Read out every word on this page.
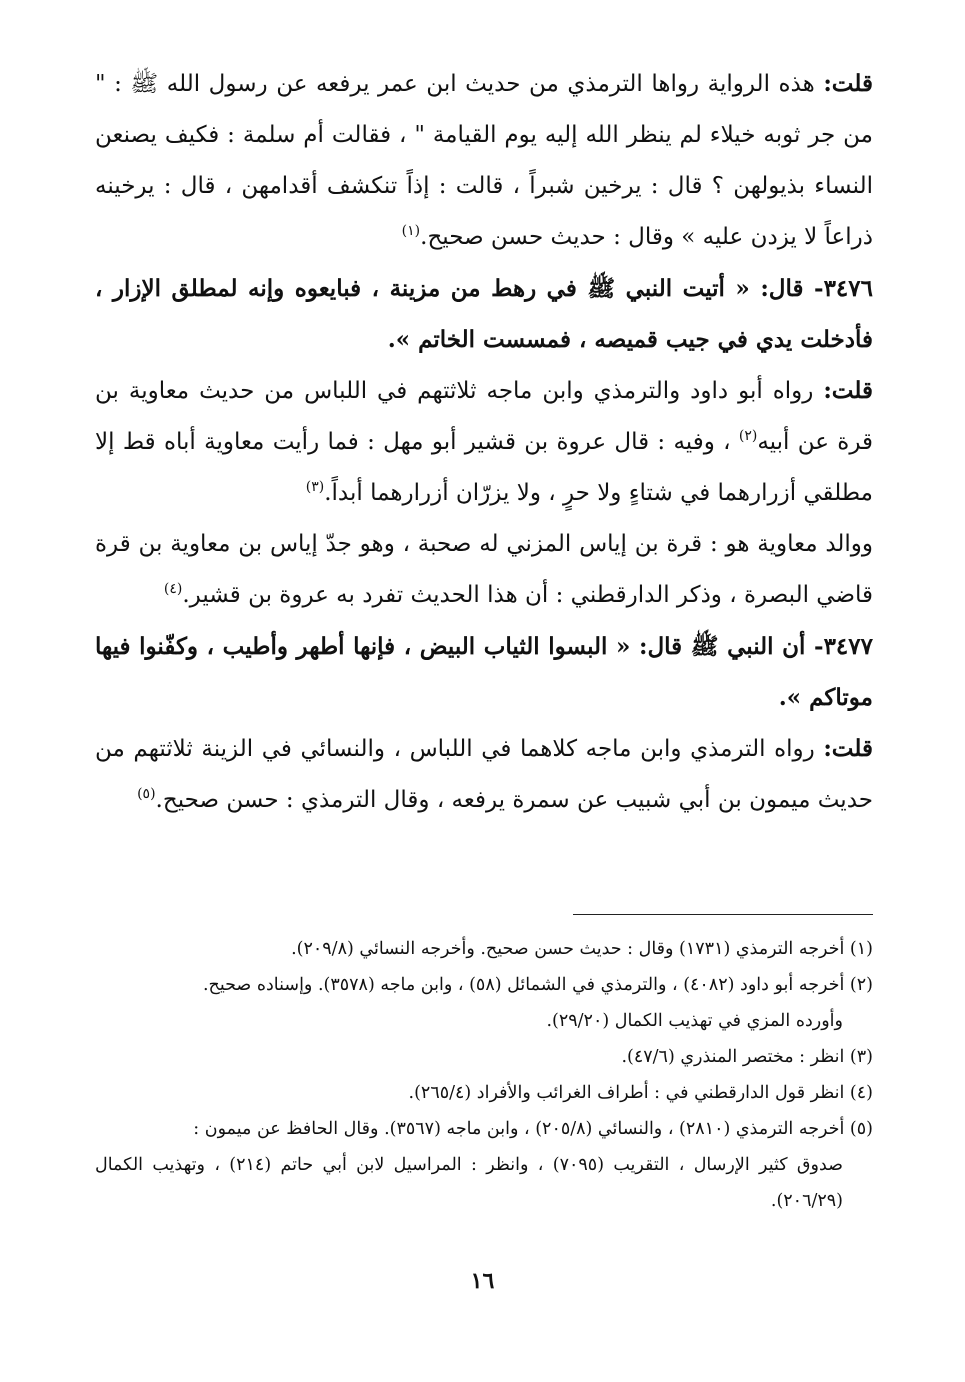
قلت: هذه الرواية رواها الترمذي من حديث ابن عمر يرفعه عن رسول الله ﷺ : " من جر ثوبه خيلاء لم ينظر الله إليه يوم القيامة " ، فقالت أم سلمة : فكيف يصنعن النساء بذيولهن ؟ قال : يرخين شبراً ، قالت : إذاً تنكشف أقدامهن ، قال : يرخينه ذراعاً لا يزدن عليه » وقال : حديث حسن صحيح.$^{(١)}$

٣٤٧٦- قال: « أتيت النبي ﷺ في رهط من مزينة ، فبايعوه وإنه لمطلق الإزار ، فأدخلت يدي في جيب قميصه ، فمسست الخاتم ».

قلت: رواه أبو داود والترمذي وابن ماجه ثلاثتهم في اللباس من حديث معاوية بن قرة عن أبيه$^{(٢)}$ ، وفيه : قال عروة بن قشير أبو مهل : فما رأيت معاوية أباه قط إلا مطلقي أزرارهما في شتاءٍ ولا حرٍ ، ولا يزرّان أزرارهما أبداً.$^{(٣)}$

ووالد معاوية هو : قرة بن إياس المزني له صحبة ، وهو جدّ إياس بن معاوية بن قرة قاضي البصرة ، وذكر الدارقطني : أن هذا الحديث تفرد به عروة بن قشير.$^{(٤)}$

٣٤٧٧- أن النبي ﷺ قال: « البسوا الثياب البيض ، فإنها أطهر وأطيب ، وكفّنوا فيها موتاكم ».

قلت: رواه الترمذي وابن ماجه كلاهما في اللباس ، والنسائي في الزينة ثلاثتهم من حديث ميمون بن أبي شبيب عن سمرة يرفعه ، وقال الترمذي : حسن صحيح.$^{(٥)}$

(١) أخرجه الترمذي (١٧٣١) وقال : حديث حسن صحيح. وأخرجه النسائي (٢٠٩/٨).

(٢) أخرجه أبو داود (٤٠٨٢) ، والترمذي في الشمائل (٥٨) ، وابن ماجه (٣٥٧٨). وإسناده صحيح.

وأورده المزي في تهذيب الكمال (٢٩/٢٠).

(٣) انظر : مختصر المنذري (٤٧/٦).

(٤) انظر قول الدارقطني في : أطراف الغرائب والأفراد (٢٦٥/٤).

(٥) أخرجه الترمذي (٢٨١٠) ، والنسائي (٢٠٥/٨) ، وابن ماجه (٣٥٦٧). وقال الحافظ عن ميمون :

صدوق كثير الإرسال ، التقريب (٧٠٩٥) ، وانظر : المراسيل لابن أبي حاتم (٢١٤) ، وتهذيب الكمال (٢٠٦/٢٩).

١٦
